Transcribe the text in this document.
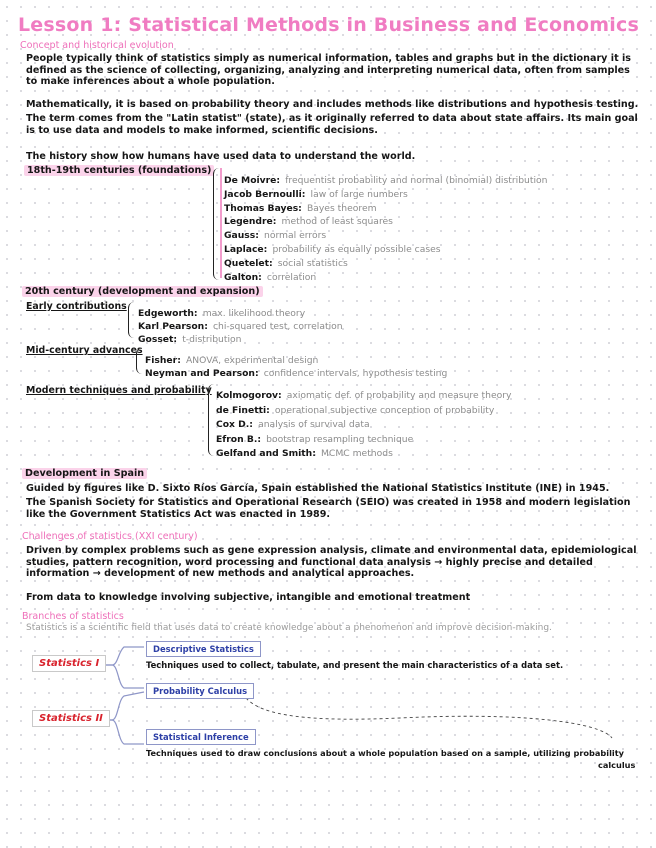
Lesson 1: Statistical Methods in Business and Economics
Concept and historical evolution
People typically think of statistics simply as numerical information, tables and graphs but in the dictionary it is defined as the science of collecting, organizing, analyzing and interpreting numerical data, often from samples to make inferences about a whole population.
Mathematically, it is based on probability theory and includes methods like distributions and hypothesis testing.
The term comes from the "Latin statist" (state), as it originally referred to data about state affairs. Its main goal is to use data and models to make informed, scientific decisions.
The history show how humans have used data to understand the world.
18th-19th centuries (foundations)
De Moivre: frequentist probability and normal (binomial) distribution
Jacob Bernoulli: law of large numbers
Thomas Bayes: Bayes theorem
Legendre: method of least squares
Gauss: normal errors
Laplace: probability as equally possible cases
Quetelet: social statistics
Galton: correlation
20th century (development and expansion)
Early contributions
Edgeworth: max. likelihood theory
Karl Pearson: chi-squared test, correlation
Gosset: t-distribution
Mid-century advances
Fisher: ANOVA, experimental design
Neyman and Pearson: confidence intervals, hypothesis testing
Modern techniques and probability Kolmogorov: axiomatic def. of probability and measure theory
de Finetti: operational subjective conception of probability
Cox D.: analysis of survival data
Efron B.: bootstrap resampling technique
Gelfand and Smith: MCMC methods
Development in Spain
Guided by figures like D. Sixto Ríos García, Spain established the National Statistics Institute (INE) in 1945.
The Spanish Society for Statistics and Operational Research (SEIO) was created in 1958 and modern legislation like the Government Statistics Act was enacted in 1989.
Challenges of statistics (XXI century)
Driven by complex problems such as gene expression analysis, climate and environmental data, epidemiological studies, pattern recognition, word processing and functional data analysis → highly precise and detailed information → development of new methods and analytical approaches.
From data to knowledge involving subjective, intangible and emotional treatment
Branches of statistics
Statistics is a scientific field that uses data to create knowledge about a phenomenon and improve decision-making.
Statistics I
Statistics II
Descriptive Statistics
Techniques used to collect, tabulate, and present the main characteristics of a data set.
Probability Calculus
Statistical Inference
Techniques used to draw conclusions about a whole population based on a sample, utilizing probability
calculus
